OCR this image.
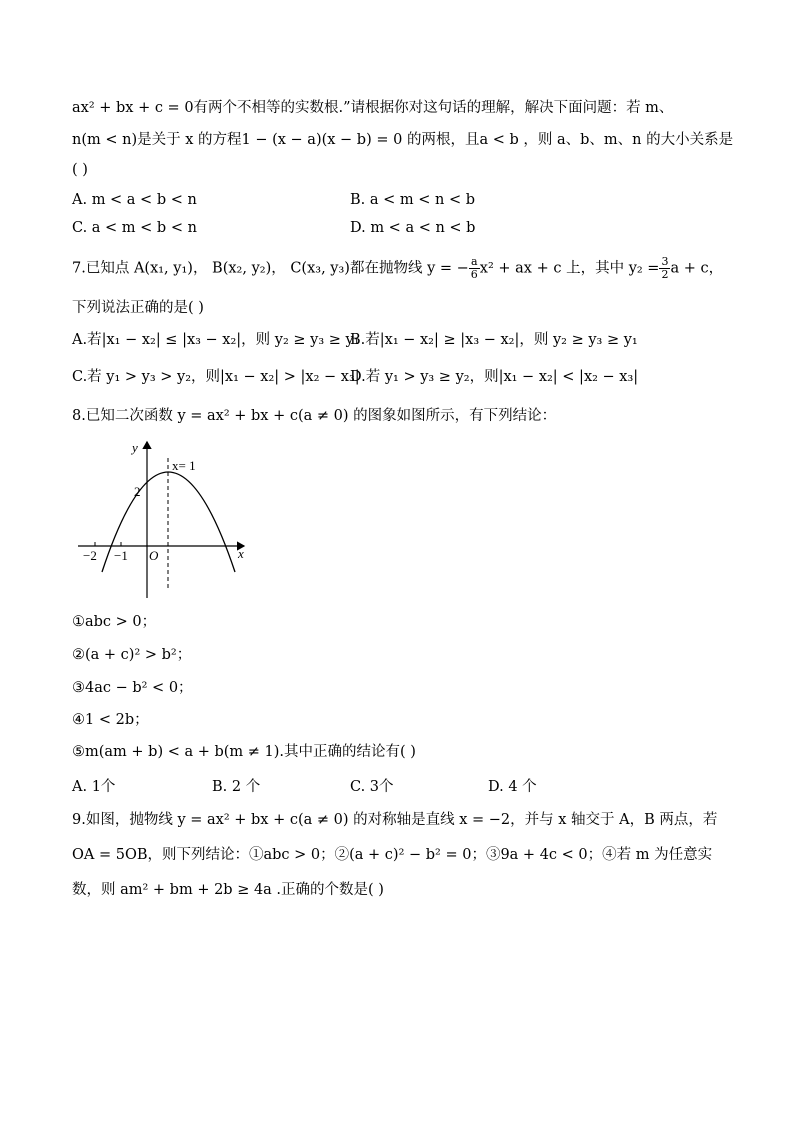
ax² + bx + c = 0有两个不相等的实数根.”请根据你对这句话的理解，解决下面问题：若 m、
n(m < n)是关于 x 的方程1 − (x − a)(x − b) = 0 的两根，且a < b ，则 a、b、m、n 的大小关系是
( )
A. m < a < b < n	B. a < m < n < b
C. a < m < b < n	D. m < a < n < b
7.已知点 A(x₁, y₁)， B(x₂, y₂)， C(x₃, y₃)都在抛物线 y = − $\frac{a}{6} x^2$ + ax + c 上，其中 $y_2 = \frac{3}{2}$ a + c，
下列说法正确的是( )
A.若|x₁ − x₂| ≤ |x₃ − x₂|，则 y₂ ≥ y₃ ≥ y₁
B.若|x₁ − x₂| ≥ |x₃ − x₂|，则 y₂ ≥ y₃ ≥ y₁
C.若 y₁ > y₃ > y₂，则|x₁ − x₂| > |x₂ − x₃|
D.若 y₁ > y₃ ≥ y₂，则|x₁ − x₂| < |x₂ − x₃|
8.已知二次函数 y = ax² + bx + c(a ≠ 0) 的图象如图所示，有下列结论：
y
x
x= 1
2
−2 −1 O
①abc > 0；
②(a + c)² > b²；
③4ac − b² < 0；
④1 < 2b；
⑤m(am + b) < a + b(m ≠ 1).其中正确的结论有( )
A. 1个	B. 2 个	C. 3个	D. 4 个
9.如图，抛物线 y = ax² + bx + c(a ≠ 0) 的对称轴是直线 x = −2，并与 x 轴交于 A，B 两点，若
OA = 5OB，则下列结论：①abc > 0；②(a + c)² − b² = 0；③9a + 4c < 0；④若 m 为任意实
数，则 am² + bm + 2b ≥ 4a .正确的个数是( )
